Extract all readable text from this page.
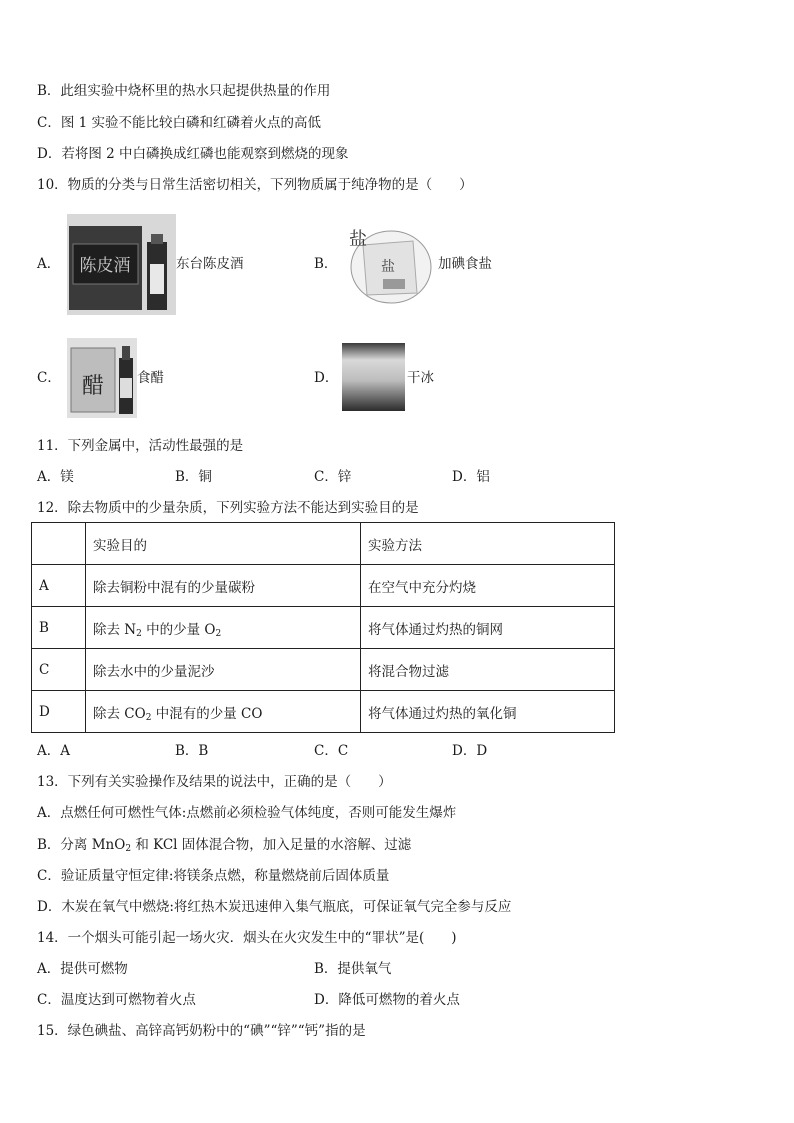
B．此组实验中烧杯里的热水只起提供热量的作用
C．图 1 实验不能比较白磷和红磷着火点的高低
D．若将图 2 中白磷换成红磷也能观察到燃烧的现象
10．物质的分类与日常生活密切相关，下列物质属于纯净物的是（　　）
A． 陈皮酒	东台陈皮酒	B．
盐
盐	加碘食盐
C． 醋 食醋	D．	干冰
11．下列金属中，活动性最强的是
A．镁	B．铜	C．锌	D．铝
12．除去物质中的少量杂质，下列实验方法不能达到实验目的是
	实验目的	实验方法
A	除去铜粉中混有的少量碳粉	在空气中充分灼烧
B	除去 $N_2$ 中的少量 $O_2$	将气体通过灼热的铜网
C	除去水中的少量泥沙	将混合物过滤
D	除去 $CO_2$ 中混有的少量 CO	将气体通过灼热的氧化铜
A．A	B．B	C．C	D．D
13．下列有关实验操作及结果的说法中，正确的是（　　）
A．点燃任何可燃性气体:点燃前必须检验气体纯度，否则可能发生爆炸
B．分离 MnO$_2$ 和 KCl 固体混合物，加入足量的水溶解、过滤
C．验证质量守恒定律:将镁条点燃，称量燃烧前后固体质量
D．木炭在氧气中燃烧:将红热木炭迅速伸入集气瓶底，可保证氧气完全参与反应
14．一个烟头可能引起一场火灾．烟头在火灾发生中的“罪状”是(　　)
A．提供可燃物	B．提供氧气
C．温度达到可燃物着火点	D．降低可燃物的着火点
15．绿色碘盐、高锌高钙奶粉中的“碘”“锌”“钙”指的是
